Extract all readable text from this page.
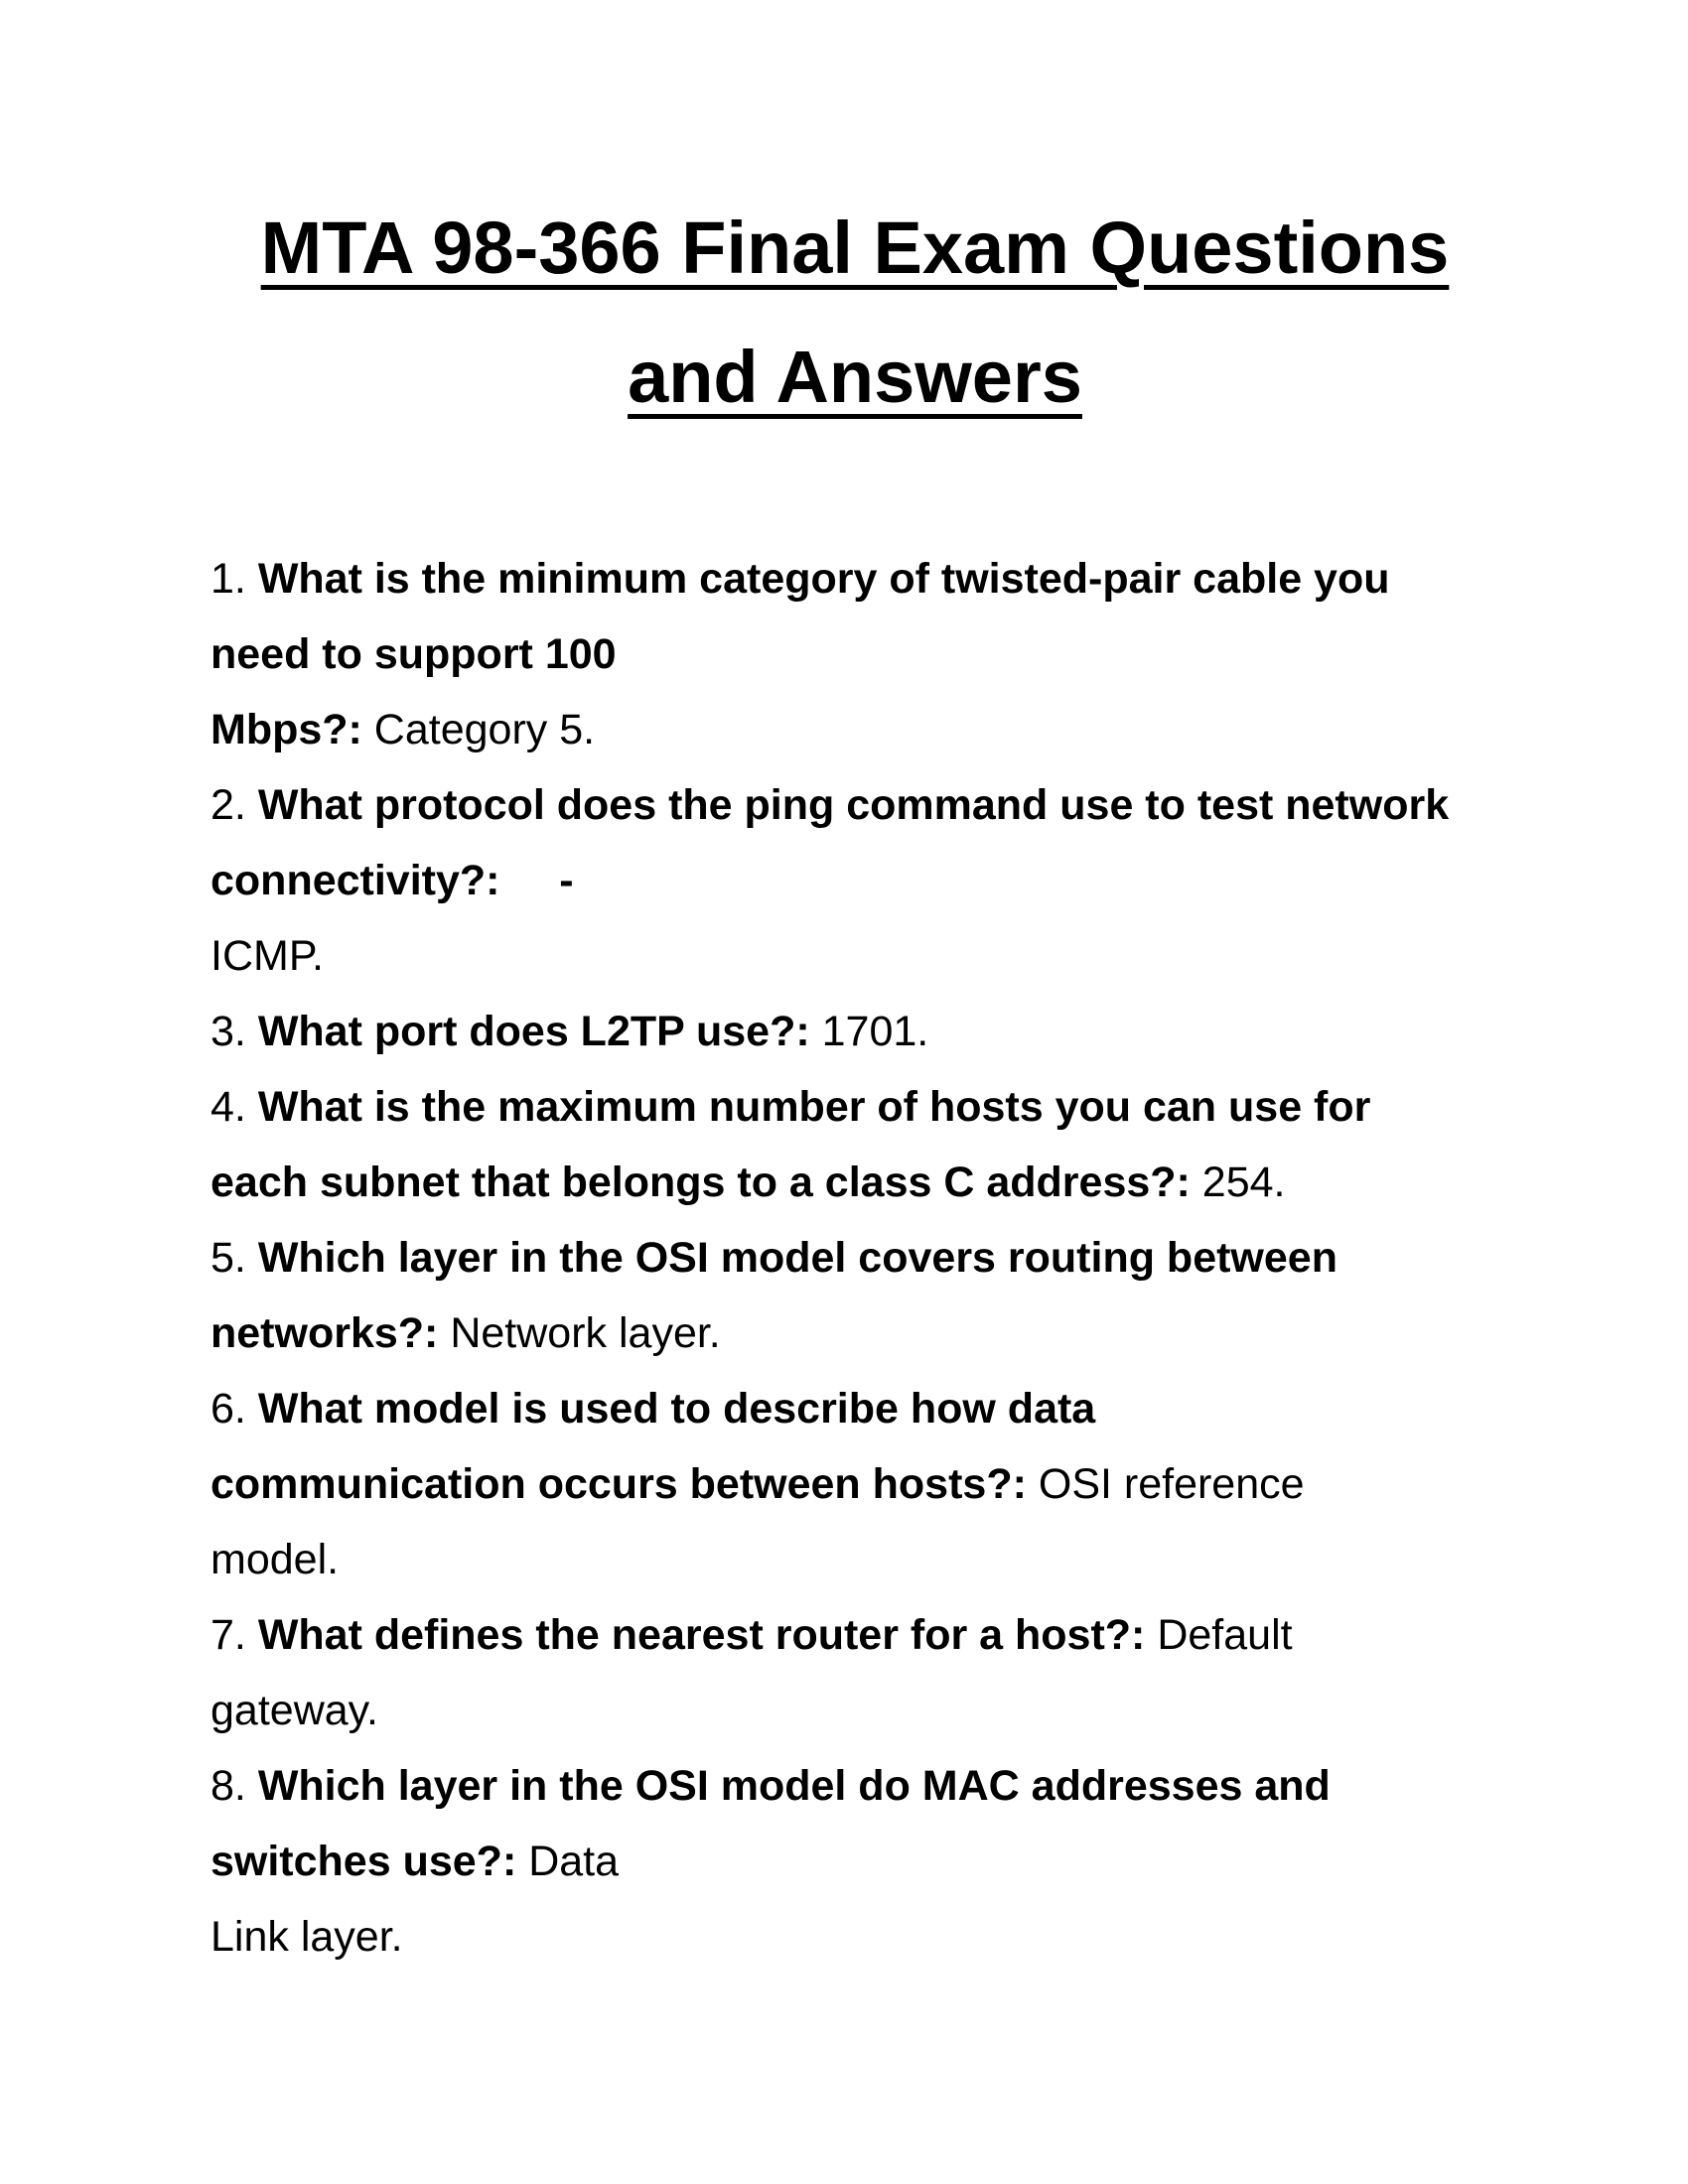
MTA 98-366 Final Exam Questions
and Answers
1. What is the minimum category of twisted-pair cable you
need to support 100
Mbps?: Category 5.
2. What protocol does the ping command use to test network
connectivity?:     -
ICMP.
3. What port does L2TP use?: 1701.
4. What is the maximum number of hosts you can use for
each subnet that belongs to a class C address?: 254.
5. Which layer in the OSI model covers routing between
networks?: Network layer.
6. What model is used to describe how data
communication occurs between hosts?: OSI reference
model.
7. What defines the nearest router for a host?: Default
gateway.
8. Which layer in the OSI model do MAC addresses and
switches use?: Data
Link layer.
